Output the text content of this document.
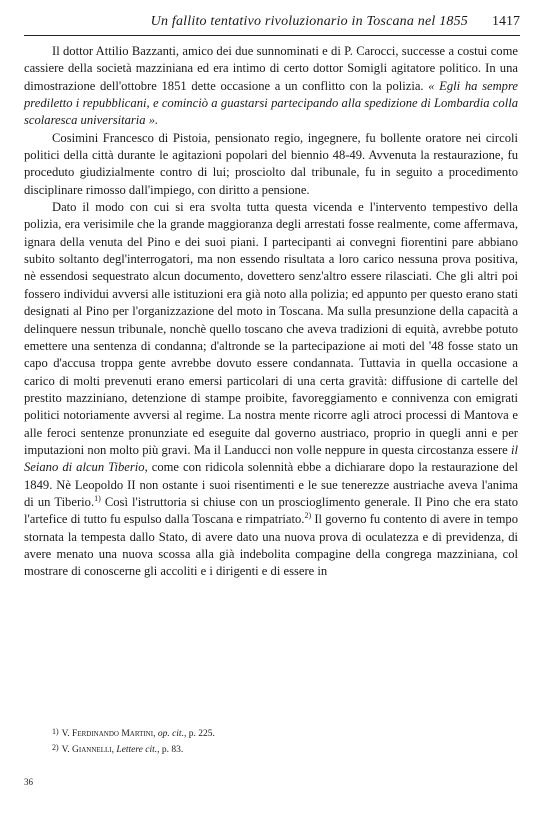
Un fallito tentativo rivoluzionario in Toscana nel 1855 1417

Il dottor Attilio Bazzanti, amico dei due sunnominati e di P. Carocci, successe a costui come cassiere della società mazziniana ed era intimo di certo dottor Somigli agitatore politico. In una dimostrazione dell'ottobre 1851 dette occasione a un conflitto con la polizia. « Egli ha sempre prediletto i repubblicani, e cominciò a guastarsi partecipando alla spedizione di Lombardia colla scolaresca universitaria ».

Cosimini Francesco di Pistoia, pensionato regio, ingegnere, fu bollente oratore nei circoli politici della città durante le agitazioni popolari del biennio 48-49. Avvenuta la restaurazione, fu proceduto giudizialmente contro di lui; prosciolto dal tribunale, fu in seguito a procedimento disciplinare rimosso dall'impiego, con diritto a pensione.

Dato il modo con cui si era svolta tutta questa vicenda e l'intervento tempestivo della polizia, era verisimile che la grande maggioranza degli arrestati fosse realmente, come affermava, ignara della venuta del Pino e dei suoi piani. I partecipanti ai convegni fiorentini pare abbiano subito soltanto degl'interrogatori, ma non essendo risultata a loro carico nessuna prova positiva, nè essendosi sequestrato alcun documento, dovettero senz'altro essere rilasciati. Che gli altri poi fossero individui avversi alle istituzioni era già noto alla polizia; ed appunto per questo erano stati designati al Pino per l'organizzazione del moto in Toscana. Ma sulla presunzione della capacità a delinquere nessun tribunale, nonchè quello toscano che aveva tradizioni di equità, avrebbe potuto emettere una sentenza di condanna; d'altronde se la partecipazione ai moti del '48 fosse stato un capo d'accusa troppa gente avrebbe dovuto essere condannata. Tuttavia in quella occasione a carico di molti prevenuti erano emersi particolari di una certa gravità: diffusione di cartelle del prestito mazziniano, detenzione di stampe proibite, favoreggiamento e connivenza con emigrati politici notoriamente avversi al regime. La nostra mente ricorre agli atroci processi di Mantova e alle feroci sentenze pronunziate ed eseguite dal governo austriaco, proprio in quegli anni e per imputazioni non molto più gravi. Ma il Landucci non volle neppure in questa circostanza essere il Seiano di alcun Tiberio, come con ridicola solennità ebbe a dichiarare dopo la restaurazione del 1849. Nè Leopoldo II non ostante i suoi risentimenti e le sue tenerezze austriache aveva l'anima di un Tiberio.$^{1)}$ Così l'istruttoria si chiuse con un proscioglimento generale. Il Pino che era stato l'artefice di tutto fu espulso dalla Toscana e rimpatriato.$^{2)}$ Il governo fu contento di avere in tempo stornata la tempesta dallo Stato, di avere dato una nuova prova di oculatezza e di previdenza, di avere menato una nuova scossa alla già indebolita compagine della congrega mazziniana, col mostrare di conoscerne gli accoliti e i dirigenti e di essere in

$^{1)}$ V. Ferdinando Martini, op. cit., p. 225.

$^{2)}$ V. Giannelli, Lettere cit., p. 83.

36
